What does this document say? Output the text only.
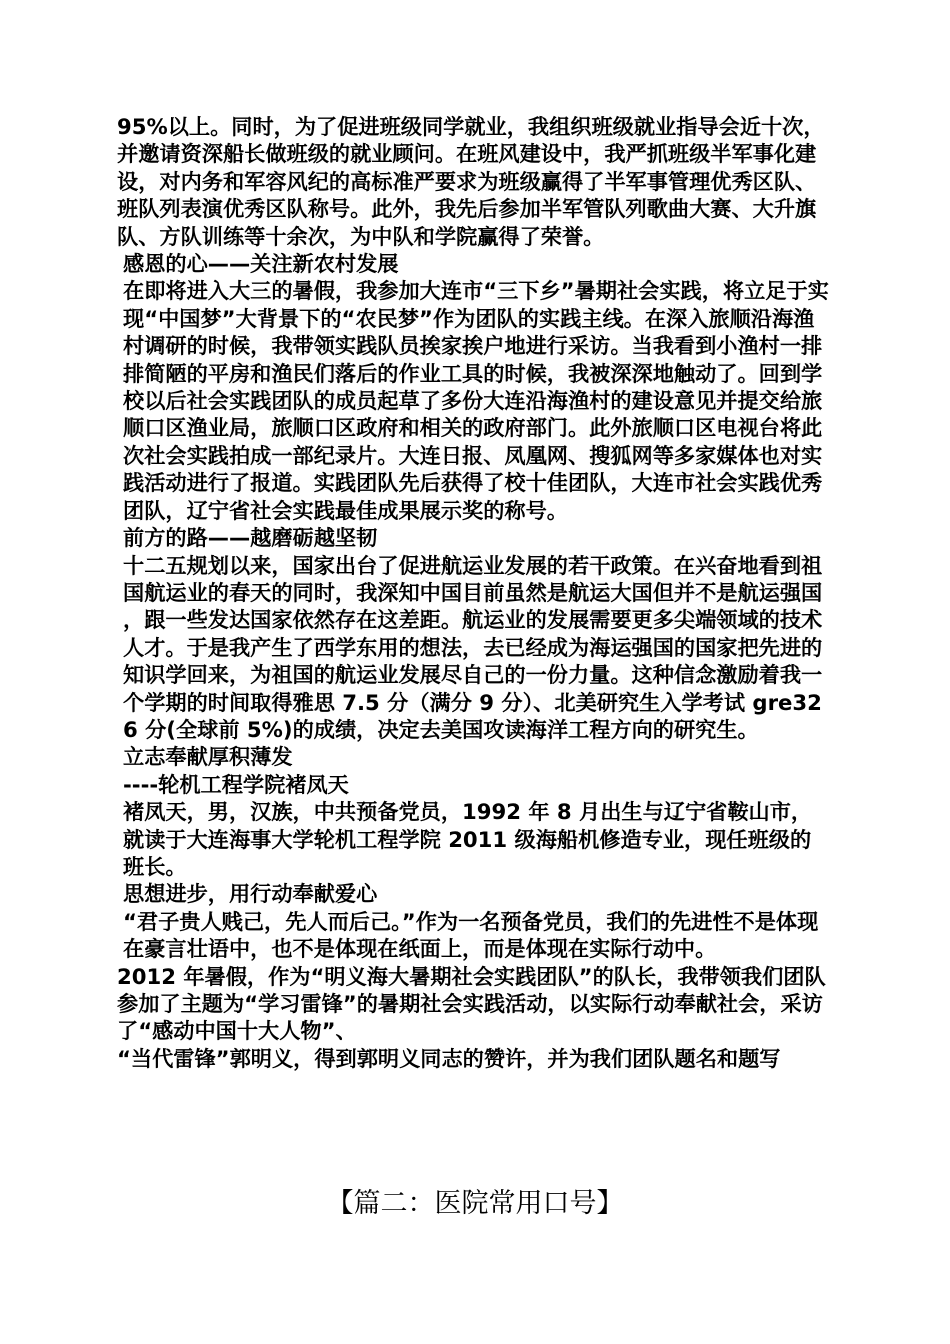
95%以上。同时，为了促进班级同学就业，我组织班级就业指导会近十次，并邀请资深船长做班级的就业顾问。在班风建设中，我严抓班级半军事化建设，对内务和军容风纪的高标准严要求为班级赢得了半军事管理优秀区队、班队列表演优秀区队称号。此外，我先后参加半军管队列歌曲大赛、大升旗队、方队训练等十余次，为中队和学院赢得了荣誉。

感恩的心——关注新农村发展

在即将进入大三的暑假，我参加大连市“三下乡”暑期社会实践，将立足于实现“中国梦”大背景下的“农民梦”作为团队的实践主线。在深入旅顺沿海渔村调研的时候，我带领实践队员挨家挨户地进行采访。当我看到小渔村一排排简陋的平房和渔民们落后的作业工具的时候，我被深深地触动了。回到学校以后社会实践团队的成员起草了多份大连沿海渔村的建设意见并提交给旅顺口区渔业局，旅顺口区政府和相关的政府部门。此外旅顺口区电视台将此次社会实践拍成一部纪录片。大连日报、凤凰网、搜狐网等多家媒体也对实践活动进行了报道。实践团队先后获得了校十佳团队，大连市社会实践优秀团队，辽宁省社会实践最佳成果展示奖的称号。

前方的路——越磨砺越坚韧

十二五规划以来，国家出台了促进航运业发展的若干政策。在兴奋地看到祖国航运业的春天的同时，我深知中国目前虽然是航运大国但并不是航运强国，跟一些发达国家依然存在这差距。航运业的发展需要更多尖端领域的技术人才。于是我产生了西学东用的想法，去已经成为海运强国的国家把先进的知识学回来，为祖国的航运业发展尽自己的一份力量。这种信念激励着我一个学期的时间取得雅思 7.5 分（满分 9 分）、北美研究生入学考试 gre326 分(全球前 5%)的成绩，决定去美国攻读海洋工程方向的研究生。

立志奉献厚积薄发

----轮机工程学院褚凤天

褚凤天，男，汉族，中共预备党员，1992 年 8 月出生与辽宁省鞍山市，就读于大连海事大学轮机工程学院 2011 级海船机修造专业，现任班级的班长。

思想进步，用行动奉献爱心

“君子贵人贱己，先人而后己。”作为一名预备党员，我们的先进性不是体现在豪言壮语中，也不是体现在纸面上，而是体现在实际行动中。

2012 年暑假，作为“明义海大暑期社会实践团队”的队长，我带领我们团队参加了主题为“学习雷锋”的暑期社会实践活动，以实际行动奉献社会，采访了“感动中国十大人物”、

“当代雷锋”郭明义，得到郭明义同志的赞许，并为我们团队题名和题写

【篇二：医院常用口号】
